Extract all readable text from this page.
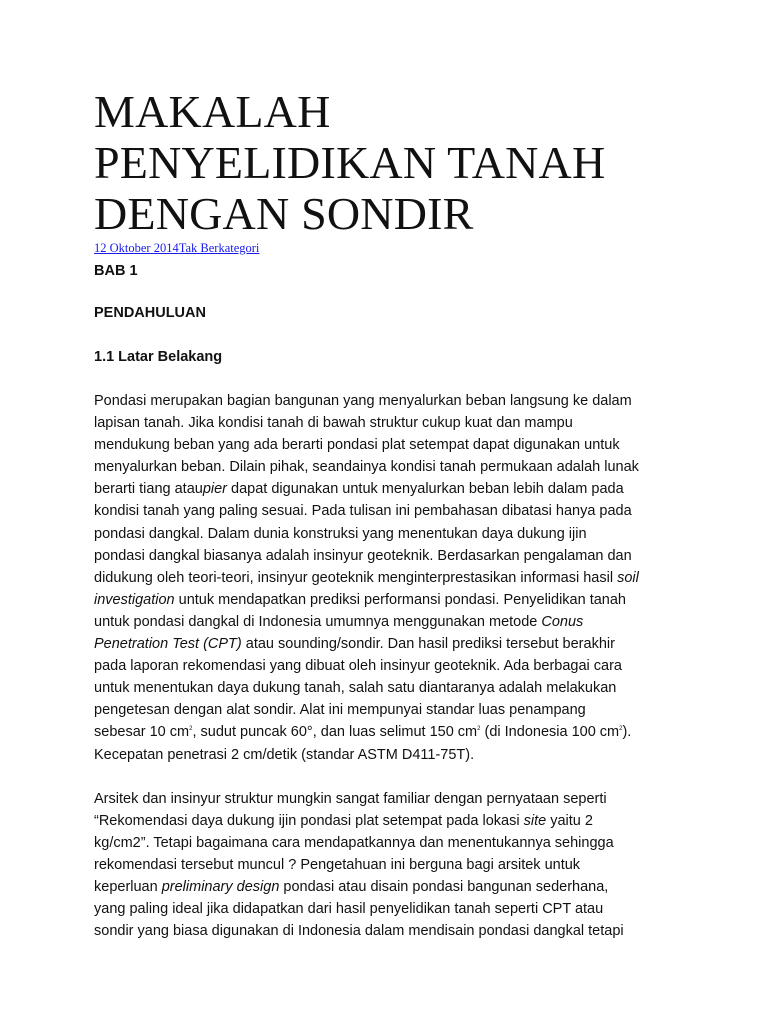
MAKALAH
PENYELIDIKAN TANAH
DENGAN SONDIR
12 Oktober 2014Tak Berkategori
BAB 1
PENDAHULUAN
1.1 Latar Belakang

Pondasi merupakan bagian bangunan yang menyalurkan beban langsung ke dalam
lapisan tanah. Jika kondisi tanah di bawah struktur cukup kuat dan mampu
mendukung beban yang ada berarti pondasi plat setempat dapat digunakan untuk
menyalurkan beban. Dilain pihak, seandainya kondisi tanah permukaan adalah lunak
berarti tiang ataupier dapat digunakan untuk menyalurkan beban lebih dalam pada
kondisi tanah yang paling sesuai. Pada tulisan ini pembahasan dibatasi hanya pada
pondasi dangkal. Dalam dunia konstruksi yang menentukan daya dukung ijin
pondasi dangkal biasanya adalah insinyur geoteknik. Berdasarkan pengalaman dan
didukung oleh teori-teori, insinyur geoteknik menginterprestasikan informasi hasil soil
investigation untuk mendapatkan prediksi performansi pondasi. Penyelidikan tanah
untuk pondasi dangkal di Indonesia umumnya menggunakan metode Conus
Penetration Test (CPT) atau sounding/sondir. Dan hasil prediksi tersebut berakhir
pada laporan rekomendasi yang dibuat oleh insinyur geoteknik. Ada berbagai cara
untuk menentukan daya dukung tanah, salah satu diantaranya adalah melakukan
pengetesan dengan alat sondir. Alat ini mempunyai standar luas penampang
sebesar 10 $cm^2$, sudut puncak 60°, dan luas selimut 150 $cm^2$ (di Indonesia 100 $cm^2$).
Kecepatan penetrasi 2 cm/detik (standar ASTM D411-75T).

Arsitek dan insinyur struktur mungkin sangat familiar dengan pernyataan seperti
“Rekomendasi daya dukung ijin pondasi plat setempat pada lokasi site yaitu 2
kg/cm2”. Tetapi bagaimana cara mendapatkannya dan menentukannya sehingga
rekomendasi tersebut muncul ? Pengetahuan ini berguna bagi arsitek untuk
keperluan preliminary design pondasi atau disain pondasi bangunan sederhana,
yang paling ideal jika didapatkan dari hasil penyelidikan tanah seperti CPT atau
sondir yang biasa digunakan di Indonesia dalam mendisain pondasi dangkal tetapi
